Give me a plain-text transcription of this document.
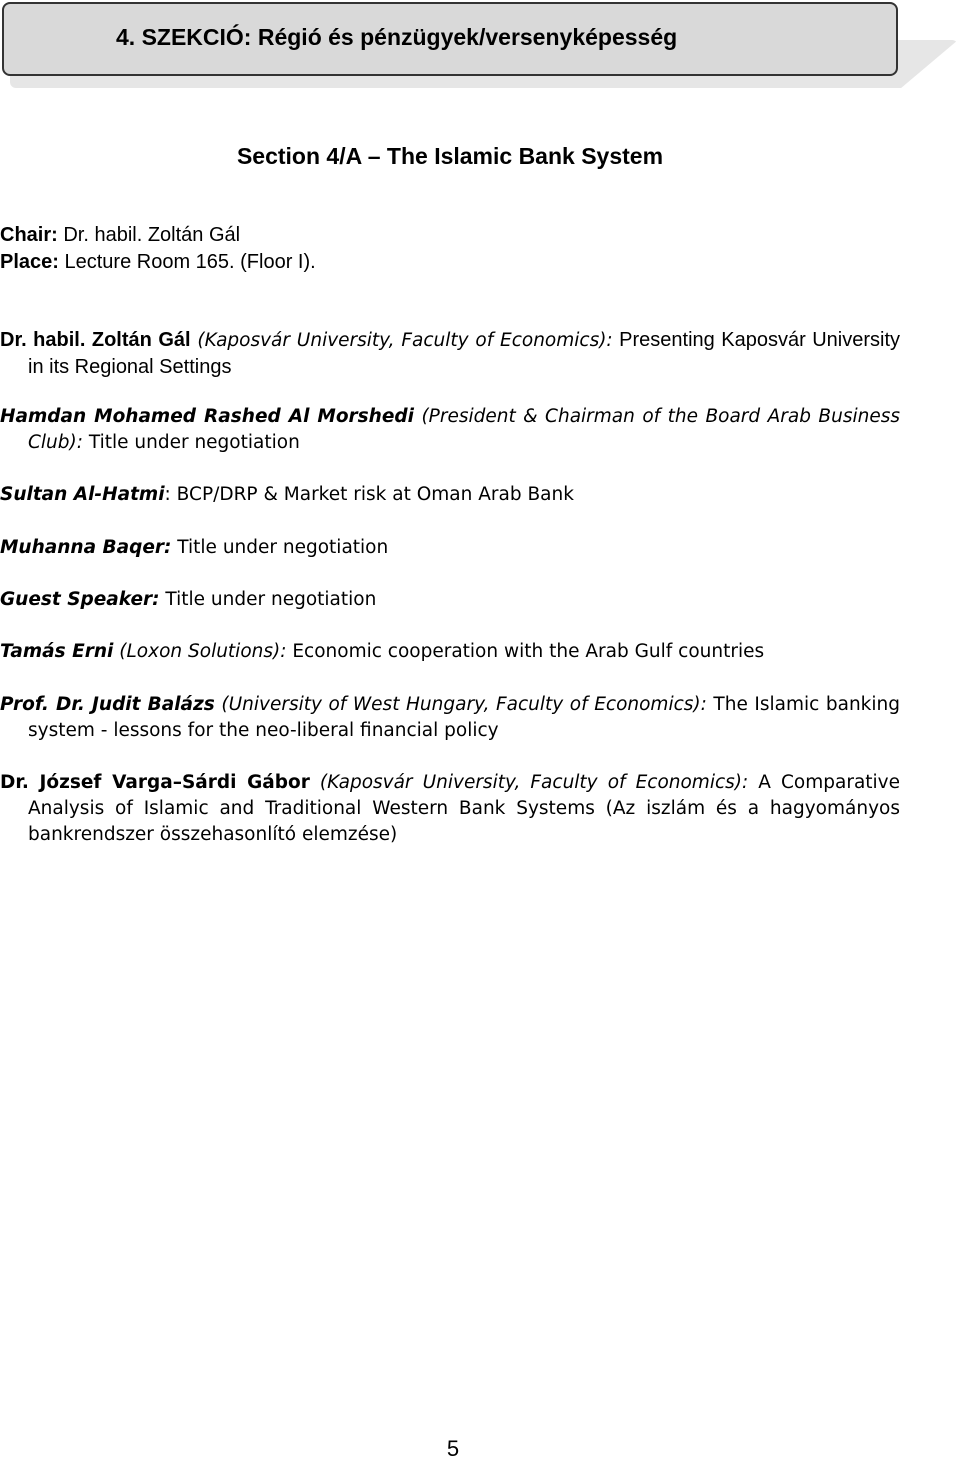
4. SZEKCIÓ: Régió és pénzügyek/versenyképesség
Section 4/A – The Islamic Bank System
Chair: Dr. habil. Zoltán Gál
Place: Lecture Room 165. (Floor I).
Dr. habil. Zoltán Gál (Kaposvár University, Faculty of Economics): Presenting Kaposvár University in its Regional Settings
Hamdan Mohamed Rashed Al Morshedi (President & Chairman of the Board Arab Business Club): Title under negotiation
Sultan Al-Hatmi: BCP/DRP & Market risk at Oman Arab Bank
Muhanna Baqer: Title under negotiation
Guest Speaker: Title under negotiation
Tamás Erni (Loxon Solutions): Economic cooperation with the Arab Gulf countries
Prof. Dr. Judit Balázs (University of West Hungary, Faculty of Economics): The Islamic banking system - lessons for the neo-liberal financial policy
Dr. József Varga–Sárdi Gábor (Kaposvár University, Faculty of Economics): A Comparative Analysis of Islamic and Traditional Western Bank Systems (Az iszlám és a hagyományos bankrendszer összehasonlító elemzése)
5
